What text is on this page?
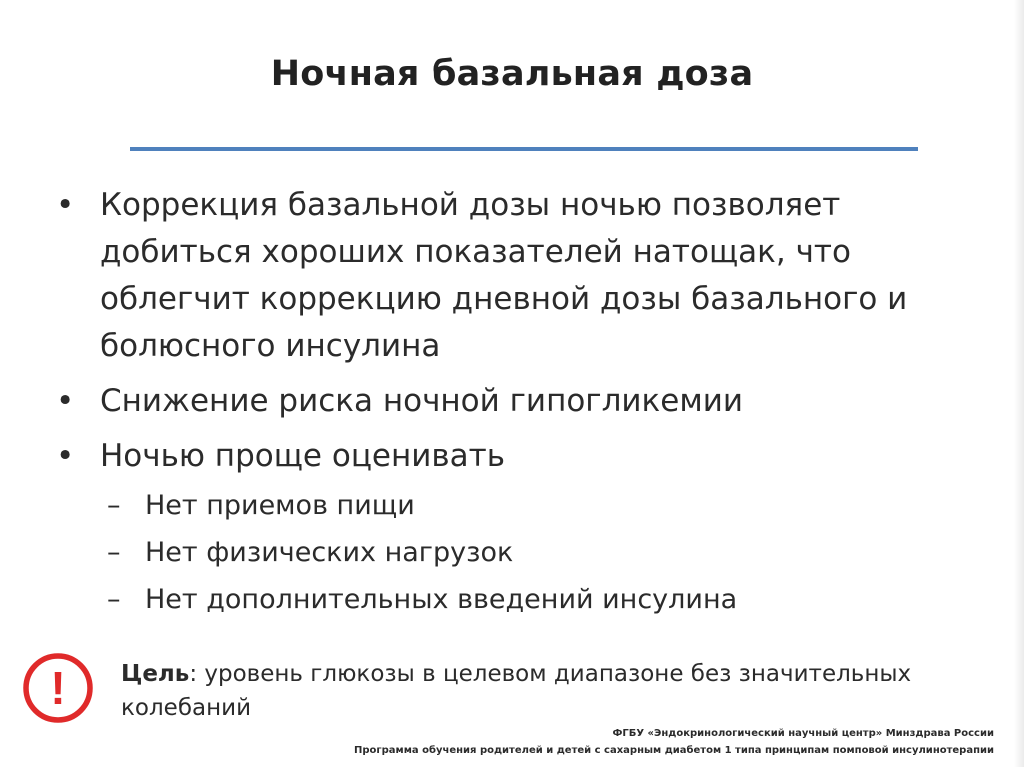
Ночная базальная доза
• Коррекция базальной дозы ночью позволяет добиться хороших показателей натощак, что облегчит коррекцию дневной дозы базального и болюсного инсулина
• Снижение риска ночной гипогликемии
• Ночью проще оценивать
– Нет приемов пищи
– Нет физических нагрузок
– Нет дополнительных введений инсулина
! Цель: уровень глюкозы в целевом диапазоне без значительных колебаний
ФГБУ «Эндокринологический научный центр» Минздрава России
Программа обучения родителей и детей с сахарным диабетом 1 типа принципам помповой инсулинотерапии
